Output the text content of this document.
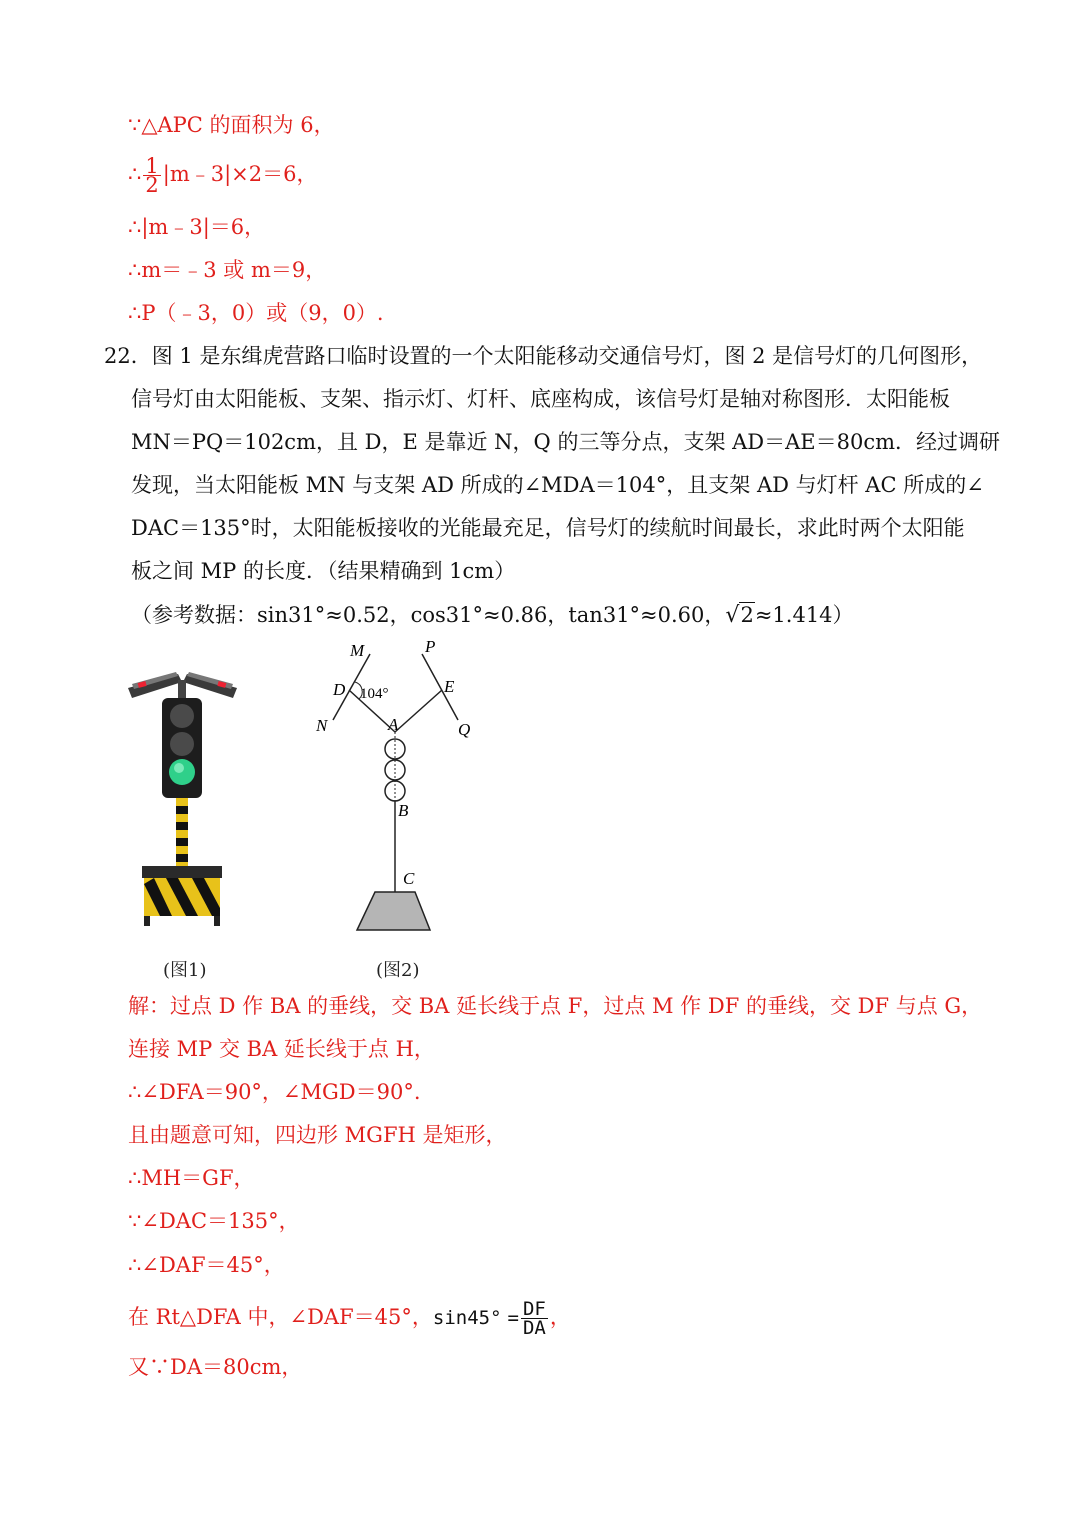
∵△APC 的面积为 6，
∴ $\frac{1}{2}$ |m﹣3|×2＝6，
∴|m﹣3|＝6，
∴m＝﹣3 或 m＝9，
∴P（﹣3，0）或（9，0）.
22．图 1 是东缉虎营路口临时设置的一个太阳能移动交通信号灯，图 2 是信号灯的几何图形，
信号灯由太阳能板、支架、指示灯、灯杆、底座构成，该信号灯是轴对称图形．太阳能板
MN＝PQ＝102cm，且 D，E 是靠近 N，Q 的三等分点，支架 AD＝AE＝80cm．经过调研
发现，当太阳能板 MN 与支架 AD 所成的∠MDA＝104°，且支架 AD 与灯杆 AC 所成的∠
DAC＝135°时，太阳能板接收的光能最充足，信号灯的续航时间最长，求此时两个太阳能
板之间 MP 的长度．（结果精确到 1cm）
（参考数据：sin31°≈0.52，cos31°≈0.86，tan31°≈0.60，√2≈1.414）
(图1)
M	P
D 104°	E
N	A	Q
B
C
(图2)
解：过点 D 作 BA 的垂线，交 BA 延长线于点 F，过点 M 作 DF 的垂线，交 DF 与点 G，
连接 MP 交 BA 延长线于点 H，
∴∠DFA＝90°，∠MGD＝90°.
且由题意可知，四边形 MGFH 是矩形，
∴MH＝GF，
∵∠DAC＝135°，
∴∠DAF＝45°，
在 Rt△DFA 中，∠DAF＝45°，$\sin 45^\circ = \frac{DF}{DA}$ ，
又∵DA＝80cm，
